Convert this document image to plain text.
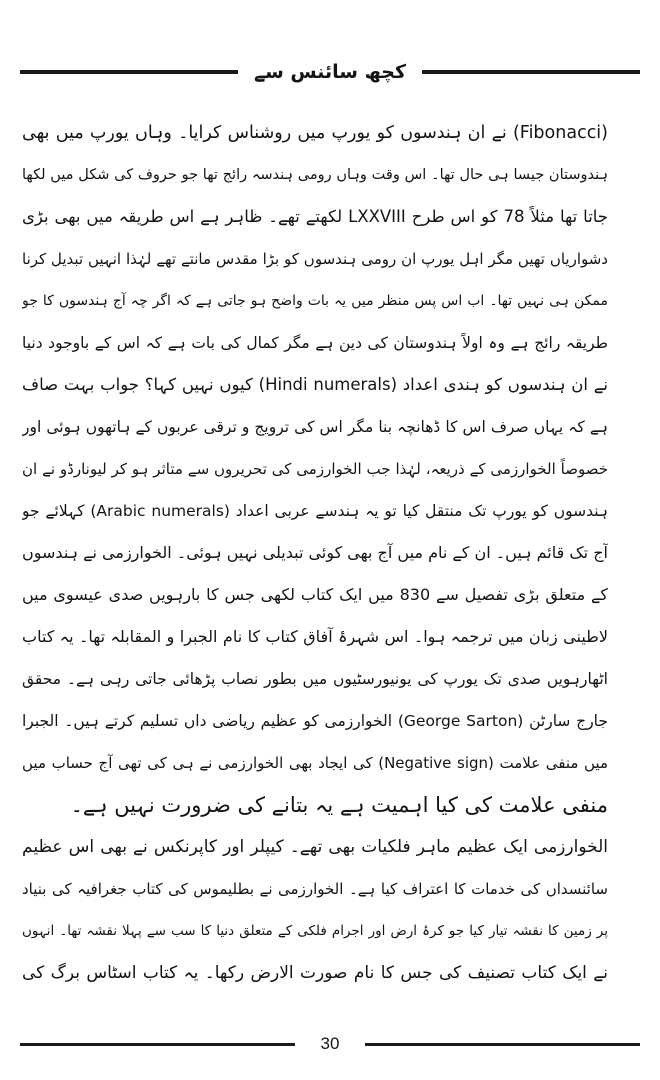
کچھ سائنس سے
(Fibonacci) نے ان ہندسوں کو یورپ میں روشناس کرایا۔ وہاں یورپ میں بھی
ہندوستان جیسا ہی حال تھا۔ اس وقت وہاں رومی ہندسہ رائج تھا جو حروف کی شکل میں لکھا
جاتا تھا مثلاً 78 کو اس طرح LXXVIII لکھتے تھے۔ ظاہر ہے اس طریقہ میں بھی بڑی
دشواریاں تھیں مگر اہل یورپ ان رومی ہندسوں کو بڑا مقدس مانتے تھے لہٰذا انہیں تبدیل کرنا
ممکن ہی نہیں تھا۔ اب اس پس منظر میں یہ بات واضح ہو جاتی ہے کہ اگر چہ آج ہندسوں کا جو
طریقہ رائج ہے وہ اولاً ہندوستان کی دین ہے مگر کمال کی بات ہے کہ اس کے باوجود دنیا
نے ان ہندسوں کو ہندی اعداد (Hindi numerals) کیوں نہیں کہا؟ جواب بہت صاف
ہے کہ یہاں صرف اس کا ڈھانچہ بنا مگر اس کی ترویج و ترقی عربوں کے ہاتھوں ہوئی اور
خصوصاً الخوارزمی کے ذریعہ، لہٰذا جب الخوارزمی کی تحریروں سے متاثر ہو کر لیونارڈو نے ان
ہندسوں کو یورپ تک منتقل کیا تو یہ ہندسے عربی اعداد (Arabic numerals) کہلائے جو
آج تک قائم ہیں۔ ان کے نام میں آج بھی کوئی تبدیلی نہیں ہوئی۔ الخوارزمی نے ہندسوں
کے متعلق بڑی تفصیل سے 830 میں ایک کتاب لکھی جس کا بارہویں صدی عیسوی میں
لاطینی زبان میں ترجمہ ہوا۔ اس شہرۂ آفاق کتاب کا نام الجبرا و المقابلہ تھا۔ یہ کتاب
اٹھارہویں صدی تک یورپ کی یونیورسٹیوں میں بطور نصاب پڑھائی جاتی رہی ہے۔ محقق
جارج سارٹن (George Sarton) الخوارزمی کو عظیم ریاضی داں تسلیم کرتے ہیں۔ الجبرا
میں منفی علامت (Negative sign) کی ایجاد بھی الخوارزمی نے ہی کی تھی آج حساب میں
منفی علامت کی کیا اہمیت ہے یہ بتانے کی ضرورت نہیں ہے۔
الخوارزمی ایک عظیم ماہر فلکیات بھی تھے۔ کیپلر اور کاپرنکس نے بھی اس عظیم
سائنسداں کی خدمات کا اعتراف کیا ہے۔ الخوارزمی نے بطلیموس کی کتاب جغرافیہ کی بنیاد
پر زمین کا نقشہ تیار کیا جو کرۂ ارض اور اجرام فلکی کے متعلق دنیا کا سب سے پہلا نقشہ تھا۔ انہوں
نے ایک کتاب تصنیف کی جس کا نام صورت الارض رکھا۔ یہ کتاب اسٹاس برگ کی
30
